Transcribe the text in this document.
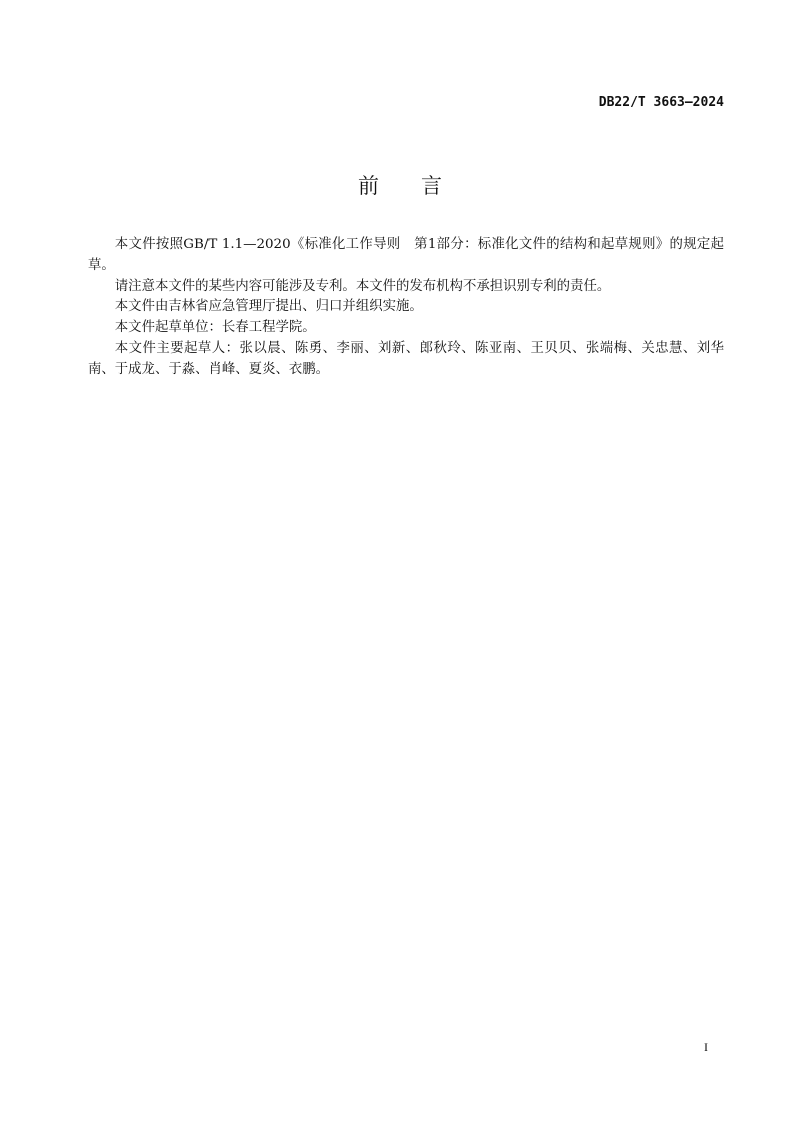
DB22/T 3663—2024
前言

本文件按照GB/T 1.1—2020《标准化工作导则　第1部分：标准化文件的结构和起草规则》的规定起草。

请注意本文件的某些内容可能涉及专利。本文件的发布机构不承担识别专利的责任。

本文件由吉林省应急管理厅提出、归口并组织实施。

本文件起草单位：长春工程学院。

本文件主要起草人：张以晨、陈勇、李丽、刘新、郎秋玲、陈亚南、王贝贝、张端梅、关忠慧、刘华南、于成龙、于淼、肖峰、夏炎、衣鹏。

I
